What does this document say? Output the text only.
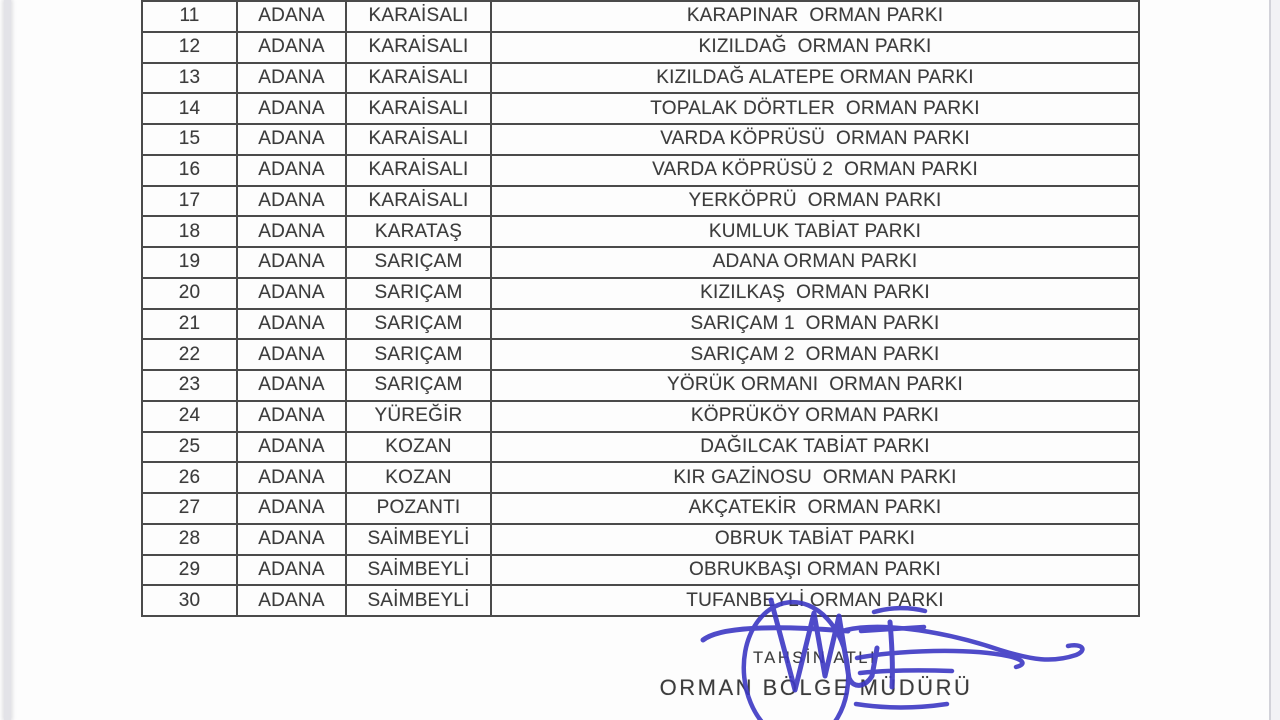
11	ADANA	KARAİSALI	KARAPINAR  ORMAN PARKI
12	ADANA	KARAİSALI	KIZILDAĞ  ORMAN PARKI
13	ADANA	KARAİSALI	KIZILDAĞ ALATEPE ORMAN PARKI
14	ADANA	KARAİSALI	TOPALAK DÖRTLER  ORMAN PARKI
15	ADANA	KARAİSALI	VARDA KÖPRÜSÜ  ORMAN PARKI
16	ADANA	KARAİSALI	VARDA KÖPRÜSÜ 2  ORMAN PARKI
17	ADANA	KARAİSALI	YERKÖPRÜ  ORMAN PARKI
18	ADANA	KARATAŞ	KUMLUK TABİAT PARKI
19	ADANA	SARIÇAM	ADANA ORMAN PARKI
20	ADANA	SARIÇAM	KIZILKAŞ  ORMAN PARKI
21	ADANA	SARIÇAM	SARIÇAM 1  ORMAN PARKI
22	ADANA	SARIÇAM	SARIÇAM 2  ORMAN PARKI
23	ADANA	SARIÇAM	YÖRÜK ORMANI  ORMAN PARKI
24	ADANA	YÜREĞİR	KÖPRÜKÖY ORMAN PARKI
25	ADANA	KOZAN	DAĞILCAK TABİAT PARKI
26	ADANA	KOZAN	KIR GAZİNOSU  ORMAN PARKI
27	ADANA	POZANTI	AKÇATEKİR  ORMAN PARKI
28	ADANA	SAİMBEYLİ	OBRUK TABİAT PARKI
29	ADANA	SAİMBEYLİ	OBRUKBAŞI ORMAN PARKI
30	ADANA	SAİMBEYLİ	TUFANBEYLİ ORMAN PARKI
TAHSİN ATLI
ORMAN BÖLGE MÜDÜRÜ
